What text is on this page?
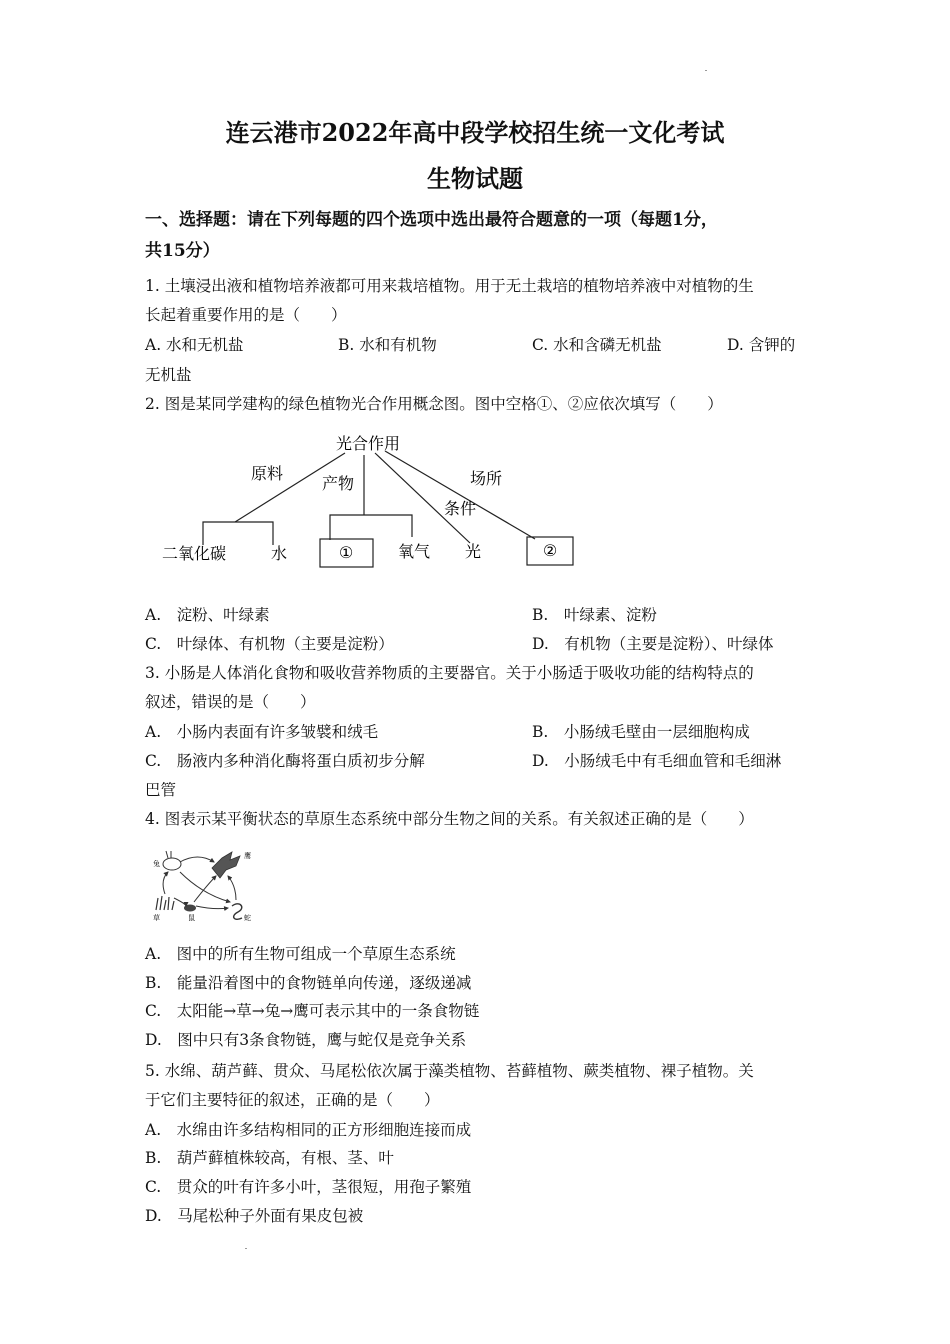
连云港市2022年高中段学校招生统一文化考试
生物试题
一、选择题：请在下列每题的四个选项中选出最符合题意的一项（每题1分，
共15分）
1. 土壤浸出液和植物培养液都可用来栽培植物。用于无土栽培的植物培养液中对植物的生
长起着重要作用的是（　　）
A. 水和无机盐	B. 水和有机物	C. 水和含磷无机盐	D. 含钾的
无机盐
2. 图是某同学建构的绿色植物光合作用概念图。图中空格①、②应依次填写（　　）
光合作用
原料
产物
条件
场所
二氧化碳	水	①	氧气 光	②
A.　淀粉、叶绿素	B.　叶绿素、淀粉
C.　叶绿体、有机物（主要是淀粉）	D.　有机物（主要是淀粉）、叶绿体
3. 小肠是人体消化食物和吸收营养物质的主要器官。关于小肠适于吸收功能的结构特点的
叙述，错误的是（　　）
A.　小肠内表面有许多皱襞和绒毛	B.　小肠绒毛壁由一层细胞构成
C.　肠液内多种消化酶将蛋白质初步分解	D.　小肠绒毛中有毛细血管和毛细淋
巴管
4. 图表示某平衡状态的草原生态系统中部分生物之间的关系。有关叙述正确的是（　　）
兔
鹰
草	鼠	蛇
A.　图中的所有生物可组成一个草原生态系统
B.　能量沿着图中的食物链单向传递，逐级递减
C.　太阳能→草→兔→鹰可表示其中的一条食物链
D.　图中只有3条食物链，鹰与蛇仅是竞争关系
5. 水绵、葫芦藓、贯众、马尾松依次属于藻类植物、苔藓植物、蕨类植物、裸子植物。关
于它们主要特征的叙述，正确的是（　　）
A.　水绵由许多结构相同的正方形细胞连接而成
B.　葫芦藓植株较高，有根、茎、叶
C.　贯众的叶有许多小叶，茎很短，用孢子繁殖
D.　马尾松种子外面有果皮包被
